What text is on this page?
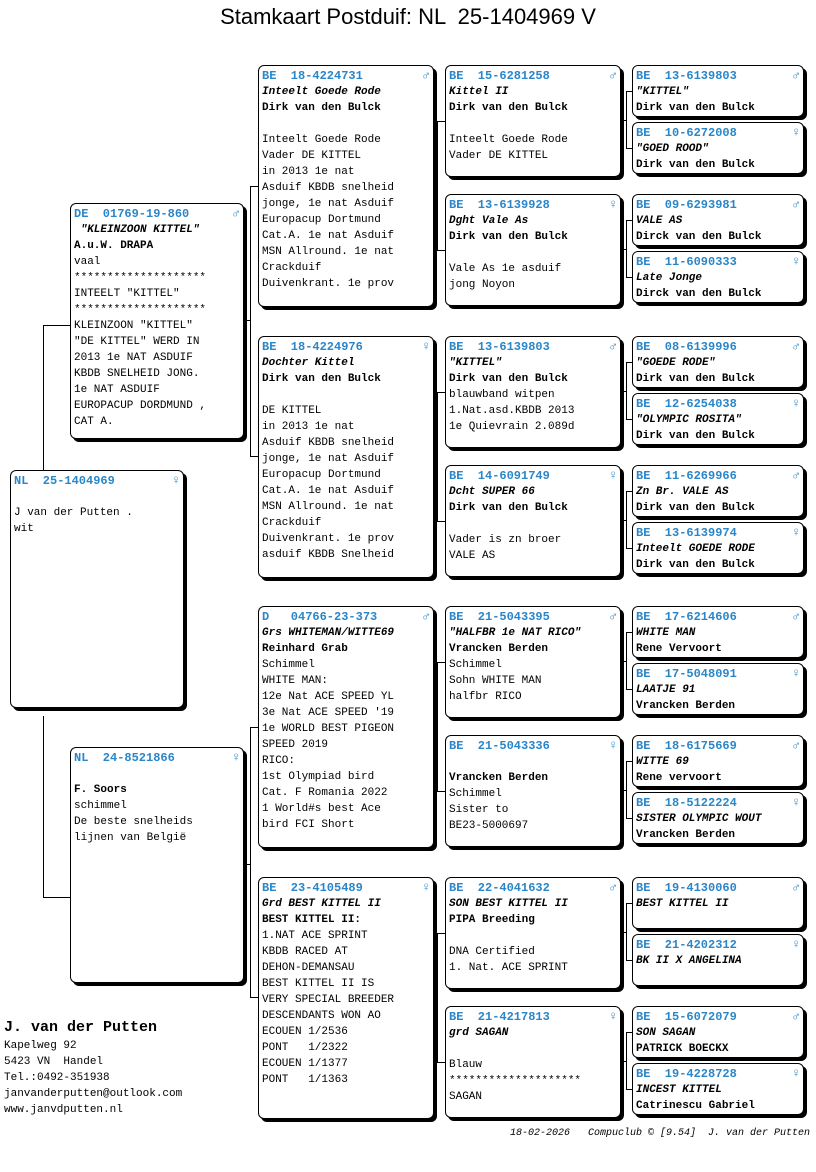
Stamkaart Postduif: NL  25-1404969 V
NL  25-1404969	♀
J van der Putten .
wit
DE  01769-19-860	♂
"KLEINZOON KITTEL"
A.u.W. DRAPA
vaal
********************
INTEELT "KITTEL"
********************
KLEINZOON "KITTEL"
"DE KITTEL" WERD IN
2013 1e NAT ASDUIF
KBDB SNELHEID JONG.
1e NAT ASDUIF
EUROPACUP DORDMUND ,
CAT A.
NL  24-8521866	♀
F. Soors
schimmel
De beste snelheids
lijnen van België
BE  18-4224731	♂
Inteelt Goede Rode
Dirk van den Bulck
Inteelt Goede Rode
Vader DE KITTEL
in 2013 1e nat
Asduif KBDB snelheid
jonge, 1e nat Asduif
Europacup Dortmund
Cat.A. 1e nat Asduif
MSN Allround. 1e nat
Crackduif
Duivenkrant. 1e prov
BE  18-4224976	♀
Dochter Kittel
Dirk van den Bulck
DE KITTEL
in 2013 1e nat
Asduif KBDB snelheid
jonge, 1e nat Asduif
Europacup Dortmund
Cat.A. 1e nat Asduif
MSN Allround. 1e nat
Crackduif
Duivenkrant. 1e prov
asduif KBDB Snelheid
D   04766-23-373	♂
Grs WHITEMAN/WITTE69
Reinhard Grab
Schimmel
WHITE MAN:
12e Nat ACE SPEED YL
3e Nat ACE SPEED '19
1e WORLD BEST PIGEON
SPEED 2019
RICO:
1st Olympiad bird
Cat. F Romania 2022
1 World#s best Ace
bird FCI Short
BE  23-4105489	♀
Grd BEST KITTEL II
BEST KITTEL II:
1.NAT ACE SPRINT
KBDB RACED AT
DEHON-DEMANSAU
BEST KITTEL II IS
VERY SPECIAL BREEDER
DESCENDANTS WON AO
ECOUEN 1/2536
PONT   1/2322
ECOUEN 1/1377
PONT   1/1363
BE  15-6281258	♂
Kittel II
Dirk van den Bulck
Inteelt Goede Rode
Vader DE KITTEL
BE  13-6139928	♀
Dght Vale As
Dirk van den Bulck
Vale As 1e asduif
jong Noyon
BE  13-6139803	♂
"KITTEL"
Dirk van den Bulck
blauwband witpen
1.Nat.asd.KBDB 2013
1e Quievrain 2.089d
BE  14-6091749	♀
Dcht SUPER 66
Dirk van den Bulck
Vader is zn broer
VALE AS
BE  21-5043395	♂
"HALFBR 1e NAT RICO"
Vrancken Berden
Schimmel
Sohn WHITE MAN
halfbr RICO
BE  21-5043336	♀
Vrancken Berden
Schimmel
Sister to
BE23-5000697
BE  22-4041632	♂
SON BEST KITTEL II
PIPA Breeding
DNA Certified
1. Nat. ACE SPRINT
BE  21-4217813	♀
grd SAGAN
Blauw
********************
SAGAN
BE  13-6139803	♂
"KITTEL"
Dirk van den Bulck
BE  10-6272008	♀
"GOED ROOD"
Dirk van den Bulck
BE  09-6293981	♂
VALE AS
Dirck van den Bulck
BE  11-6090333	♀
Late Jonge
Dirck van den Bulck
BE  08-6139996	♂
"GOEDE RODE"
Dirk van den Bulck
BE  12-6254038	♀
"OLYMPIC ROSITA"
Dirk van den Bulck
BE  11-6269966	♂
Zn Br. VALE AS
Dirk van den Bulck
BE  13-6139974	♀
Inteelt GOEDE RODE
Dirk van den Bulck
BE  17-6214606	♂
WHITE MAN
Rene Vervoort
BE  17-5048091	♀
LAATJE 91
Vrancken Berden
BE  18-6175669	♂
WITTE 69
Rene vervoort
BE  18-5122224	♀
SISTER OLYMPIC WOUT
Vrancken Berden
BE  19-4130060	♂
BEST KITTEL II
BE  21-4202312	♀
BK II X ANGELINA
BE  15-6072079	♂
SON SAGAN
PATRICK BOECKX
BE  19-4228728	♀
INCEST KITTEL
Catrinescu Gabriel
J. van der Putten
Kapelweg 92
5423 VN  Handel
Tel.:0492-351938
janvanderputten@outlook.com
www.janvdputten.nl
18-02-2026   Compuclub © [9.54]  J. van der Putten
